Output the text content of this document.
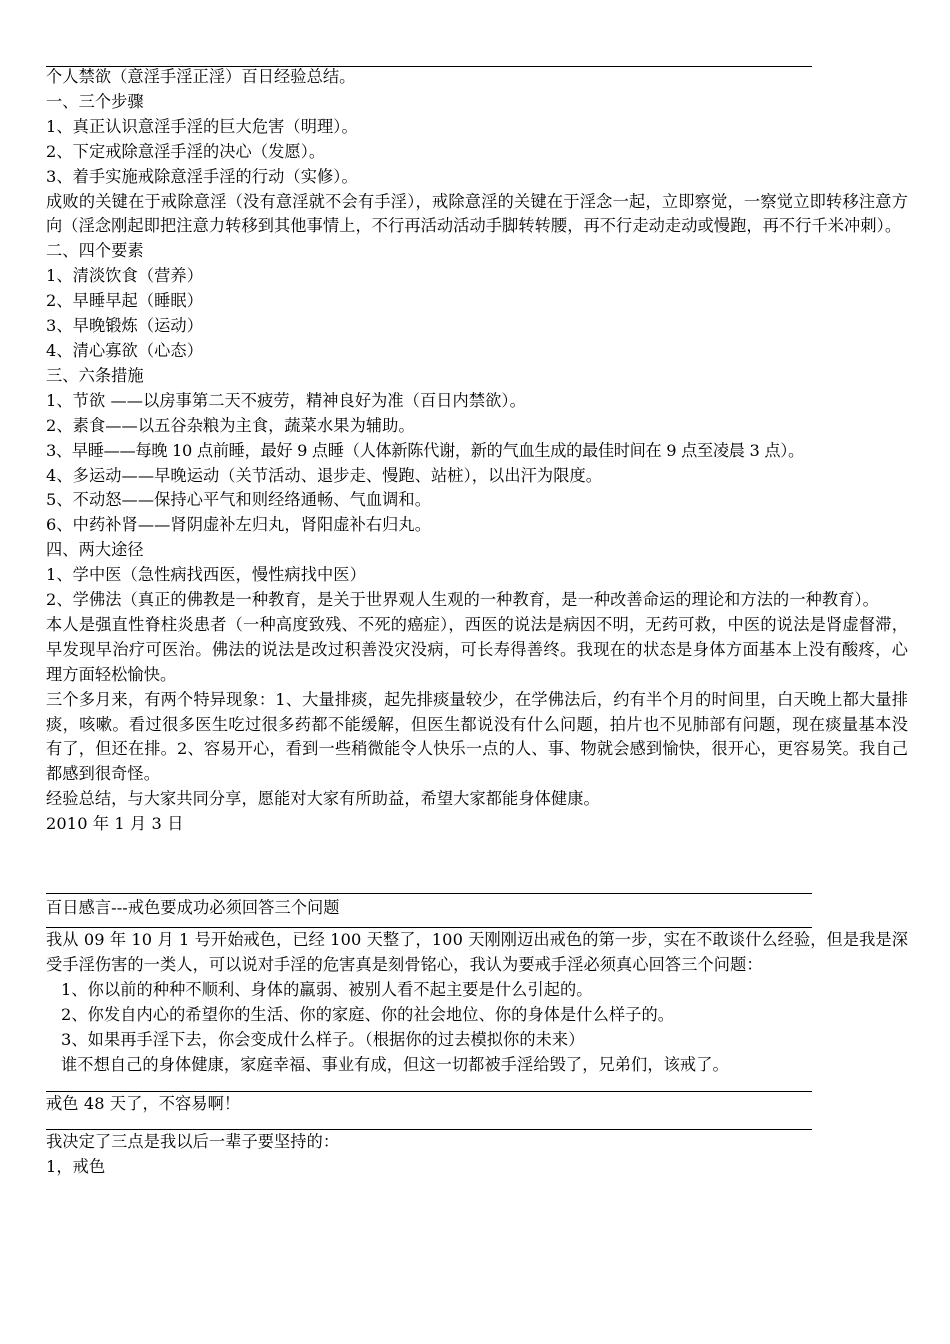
个人禁欲（意淫手淫正淫）百日经验总结。
一、三个步骤
1、真正认识意淫手淫的巨大危害（明理）。
2、下定戒除意淫手淫的决心（发愿）。
3、着手实施戒除意淫手淫的行动（实修）。
成败的关键在于戒除意淫（没有意淫就不会有手淫），戒除意淫的关键在于淫念一起，立即察觉，一察觉立即转移注意方向（淫念刚起即把注意力转移到其他事情上，不行再活动活动手脚转转腰，再不行走动走动或慢跑，再不行千米冲刺）。
二、四个要素
1、清淡饮食（营养）
2、早睡早起（睡眠）
3、早晚锻炼（运动）
4、清心寡欲（心态）
三、六条措施
1、节欲 ——以房事第二天不疲劳，精神良好为准（百日内禁欲）。
2、素食——以五谷杂粮为主食，蔬菜水果为辅助。
3、早睡——每晚 10 点前睡，最好 9 点睡（人体新陈代谢，新的气血生成的最佳时间在 9 点至凌晨 3 点）。
4、多运动——早晚运动（关节活动、退步走、慢跑、站桩），以出汗为限度。
5、不动怒——保持心平气和则经络通畅、气血调和。
6、中药补肾——肾阴虚补左归丸，肾阳虚补右归丸。
四、两大途径
1、学中医（急性病找西医，慢性病找中医）
2、学佛法（真正的佛教是一种教育，是关于世界观人生观的一种教育，是一种改善命运的理论和方法的一种教育）。
本人是强直性脊柱炎患者（一种高度致残、不死的癌症），西医的说法是病因不明，无药可救，中医的说法是肾虚督滞，早发现早治疗可医治。佛法的说法是改过积善没灾没病，可长寿得善终。我现在的状态是身体方面基本上没有酸疼，心理方面轻松愉快。
三个多月来，有两个特异现象：1、大量排痰，起先排痰量较少，在学佛法后，约有半个月的时间里，白天晚上都大量排痰，咳嗽。看过很多医生吃过很多药都不能缓解，但医生都说没有什么问题，拍片也不见肺部有问题，现在痰量基本没有了，但还在排。2、容易开心，看到一些稍微能令人快乐一点的人、事、物就会感到愉快，很开心，更容易笑。我自己都感到很奇怪。
经验总结，与大家共同分享，愿能对大家有所助益，希望大家都能身体健康。
2010 年 1 月 3 日
百日感言---戒色要成功必须回答三个问题
我从 09 年 10 月 1 号开始戒色，已经 100 天整了，100 天刚刚迈出戒色的第一步，实在不敢谈什么经验，但是我是深受手淫伤害的一类人，可以说对手淫的危害真是刻骨铭心，我认为要戒手淫必须真心回答三个问题：
1、你以前的种种不顺利、身体的羸弱、被别人看不起主要是什么引起的。
2、你发自内心的希望你的生活、你的家庭、你的社会地位、你的身体是什么样子的。
3、如果再手淫下去，你会变成什么样子。（根据你的过去模拟你的未来）
谁不想自己的身体健康，家庭幸福、事业有成，但这一切都被手淫给毁了，兄弟们，该戒了。
戒色 48 天了，不容易啊！
我决定了三点是我以后一辈子要坚持的：
1，戒色
